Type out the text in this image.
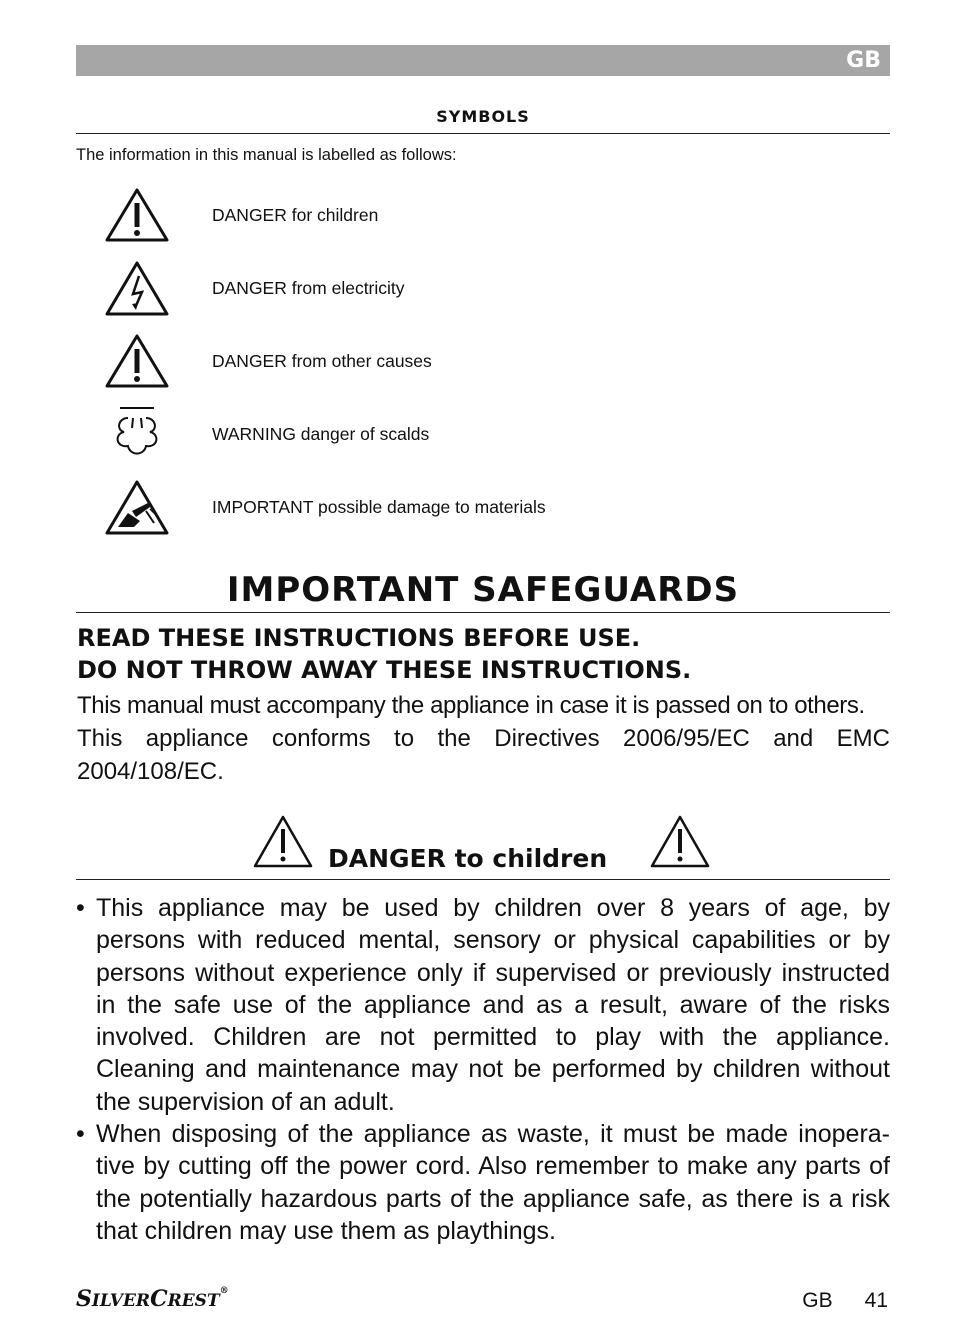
GB
SYMBOLS
The information in this manual is labelled as follows:
DANGER for children
DANGER from electricity
DANGER from other causes
WARNING danger of scalds
IMPORTANT possible damage to materials
IMPORTANT SAFEGUARDS
READ THESE INSTRUCTIONS BEFORE USE.
DO NOT THROW AWAY THESE INSTRUCTIONS.
This manual must accompany the appliance in case it is passed on to others.
This appliance conforms to the Directives 2006/95/EC and EMC 2004/108/EC.
DANGER to children
• This appliance may be used by children over 8 years of age, by persons with reduced mental, sensory or physical capabilities or by persons without experience only if supervised or previously instructed in the safe use of the appliance and as a result, aware of the risks involved. Children are not permitted to play with the appliance. Cleaning and maintenance may not be performed by children without the supervision of an adult.
• When disposing of the appliance as waste, it must be made inopera-tive by cutting off the power cord. Also remember to make any parts of the potentially hazardous parts of the appliance safe, as there is a risk that children may use them as playthings.
SILVERCREST®	GB 41
